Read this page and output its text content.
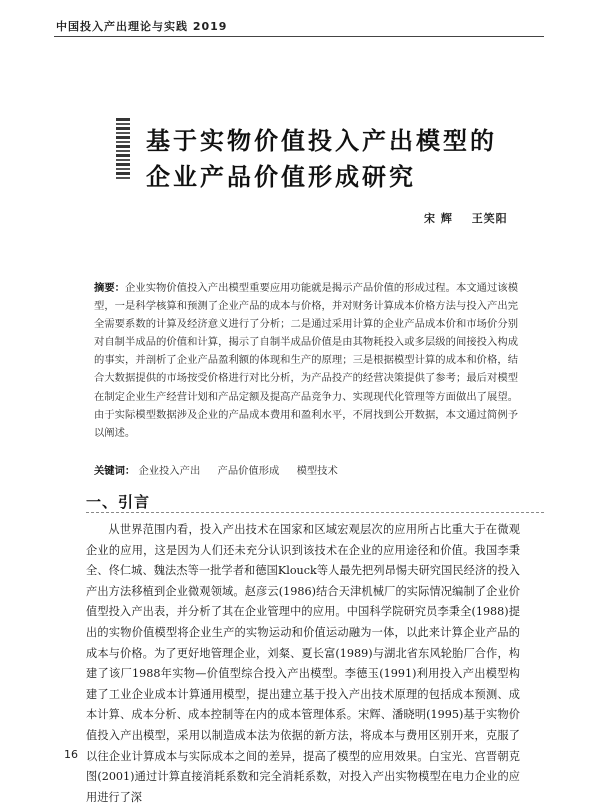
中国投入产出理论与实践 2019
基于实物价值投入产出模型的
企业产品价值形成研究
宋 辉 王笑阳
摘要：企业实物价值投入产出模型重要应用功能就是揭示产品价值的形成过程。本文通过该模型，一是科学核算和预测了企业产品的成本与价格，并对财务计算成本价格方法与投入产出完全需要系数的计算及经济意义进行了分析；二是通过采用计算的企业产品成本价和市场价分别对自制半成品的价值和计算，揭示了自制半成品价值是由其物耗投入或多层级的间接投入构成的事实，并剖析了企业产品盈利额的体现和生产的原理；三是根据模型计算的成本和价格，结合大数据提供的市场按受价格进行对比分析，为产品投产的经营决策提供了参考；最后对模型在制定企业生产经营计划和产品定额及提高产品竞争力、实现现代化管理等方面做出了展望。由于实际模型数据涉及企业的产品成本费用和盈利水平，不屑找到公开数据，本文通过简例予以阐述。
关键词： 企业投入产出 产品价值形成 模型技术
一、引言
从世界范围内看，投入产出技术在国家和区域宏观层次的应用所占比重大于在微观企业的应用，这是因为人们还未充分认识到该技术在企业的应用途径和价值。我国李秉全、佟仁城、魏法杰等一批学者和德国Klouck等人最先把列昂惕夫研究国民经济的投入产出方法移植到企业微观领域。赵彦云(1986)结合天津机械厂的实际情况编制了企业价值型投入产出表，并分析了其在企业管理中的应用。中国科学院研究员李秉全(1988)提出的实物价值模型将企业生产的实物运动和价值运动融为一体，以此来计算企业产品的成本与价格。为了更好地管理企业，刘粲、夏长富(1989)与湖北省东风轮胎厂合作，构建了该厂1988年实物—价值型综合投入产出模型。李德玉(1991)利用投入产出模型构建了工业企业成本计算通用模型，提出建立基于投入产出技术原理的包括成本预测、成本计算、成本分析、成本控制等在内的成本管理体系。宋辉、潘晓明(1995)基于实物价值投入产出模型，采用以制造成本法为依据的新方法，将成本与费用区别开来，克服了以往企业计算成本与实际成本之间的差异，提高了模型的应用效果。白宝光、宫晋朝克图(2001)通过计算直接消耗系数和完全消耗系数，对投入产出实物模型在电力企业的应用进行了深
16
